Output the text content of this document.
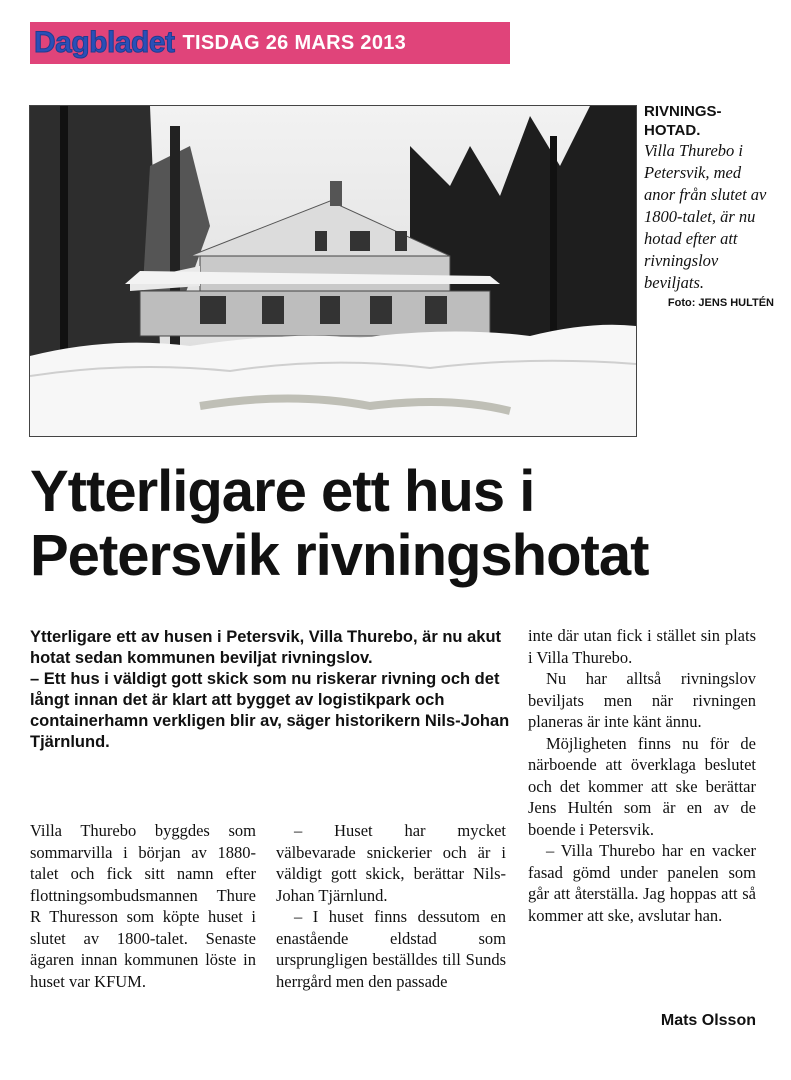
Dagbladet TISDAG 26 MARS 2013
RIVNINGS-HOTAD.
Villa Thurebo i Petersvik, med anor från slutet av 1800-talet, är nu hotad efter att rivningslov beviljats.
Foto: JENS HULTÉN
Ytterligare ett hus i Petersvik rivningshotat

Ytterligare ett av husen i Petersvik, Villa Thurebo, är nu akut hotat sedan kommunen beviljat rivningslov.

– Ett hus i väldigt gott skick som nu riskerar rivning och det långt innan det är klart att bygget av logistikpark och containerhamn verkligen blir av, säger historikern Nils-Johan Tjärnlund.

Villa Thurebo byggdes som sommarvilla i början av 1880-talet och fick sitt namn efter flottningsombudsmannen Thure R Thuresson som köpte huset i slutet av 1800-talet. Senaste ägaren innan kommunen löste in huset var KFUM.

– Huset har mycket välbevarade snickerier och är i väldigt gott skick, berättar Nils-Johan Tjärnlund.

– I huset finns dessutom en enastående eldstad som ursprungligen beställdes till Sunds herrgård men den passade

inte där utan fick i stället sin plats i Villa Thurebo.

Nu har alltså rivningslov beviljats men när rivningen planeras är inte känt ännu.

Möjligheten finns nu för de närboende att överklaga beslutet och det kommer att ske berättar Jens Hultén som är en av de boende i Petersvik.

– Villa Thurebo har en vacker fasad gömd under panelen som går att återställa. Jag hoppas att så kommer att ske, avslutar han.

Mats Olsson
